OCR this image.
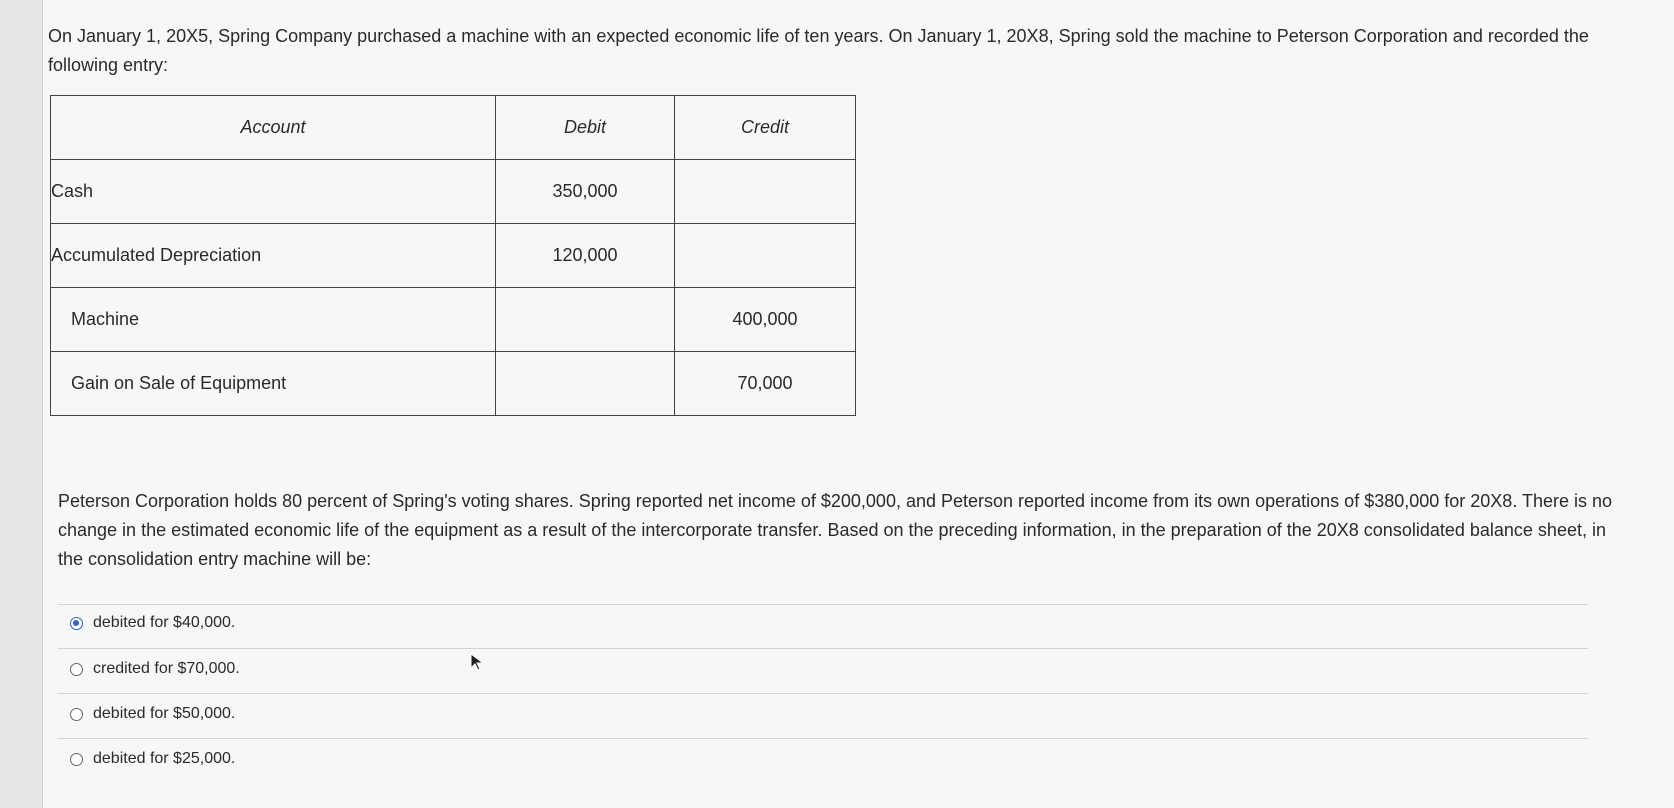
On January 1, 20X5, Spring Company purchased a machine with an expected economic life of ten years. On January 1, 20X8, Spring sold the machine to Peterson Corporation and recorded the following entry:

Account	Debit	Credit
Cash	350,000	
Accumulated Depreciation	120,000	
Machine		400,000
Gain on Sale of Equipment		70,000

Peterson Corporation holds 80 percent of Spring's voting shares. Spring reported net income of $200,000, and Peterson reported income from its own operations of $380,000 for 20X8. There is no change in the estimated economic life of the equipment as a result of the intercorporate transfer. Based on the preceding information, in the preparation of the 20X8 consolidated balance sheet, in the consolidation entry machine will be:

debited for $40,000.
credited for $70,000.
debited for $50,000.
debited for $25,000.
